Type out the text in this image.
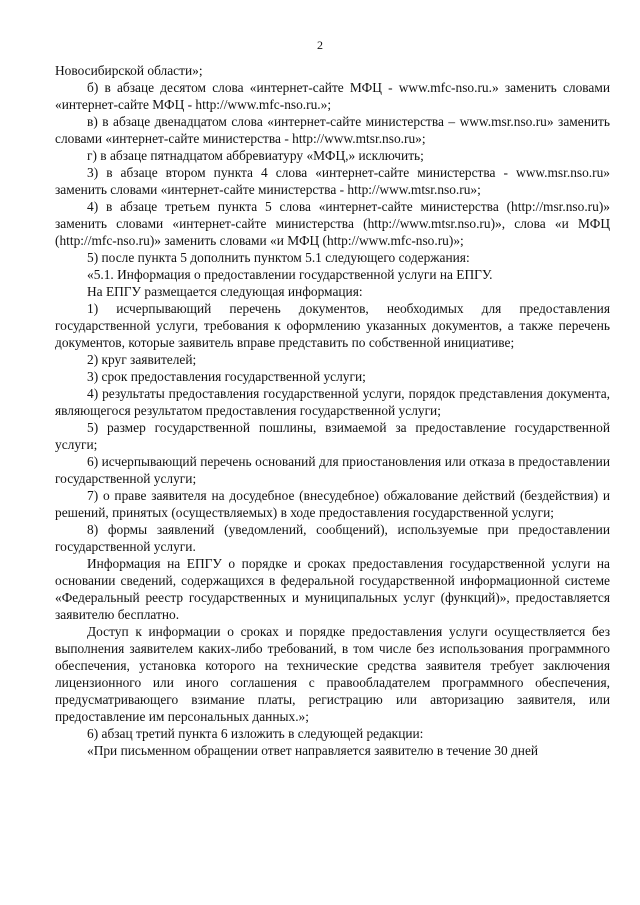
2

Новосибирской области»;

б) в абзаце десятом слова «интернет-сайте МФЦ - www.mfc-nso.ru.» заменить словами «интернет-сайте МФЦ - http://www.mfc-nso.ru.»;

в) в абзаце двенадцатом слова «интернет-сайте министерства – www.msr.nso.ru» заменить словами «интернет-сайте министерства - http://www.mtsr.nso.ru»;

г) в абзаце пятнадцатом аббревиатуру «МФЦ,» исключить;

3) в абзаце втором пункта 4 слова «интернет-сайте министерства - www.msr.nso.ru» заменить словами «интернет-сайте министерства - http://www.mtsr.nso.ru»;

4) в абзаце третьем пункта 5 слова «интернет-сайте министерства (http://msr.nso.ru)» заменить словами «интернет-сайте министерства (http://www.mtsr.nso.ru)», слова «и МФЦ (http://mfc-nso.ru)» заменить словами «и МФЦ (http://www.mfc-nso.ru)»;

5) после пункта 5 дополнить пунктом 5.1 следующего содержания:

«5.1. Информация о предоставлении государственной услуги на ЕПГУ.

На ЕПГУ размещается следующая информация:

1) исчерпывающий перечень документов, необходимых для предоставления государственной услуги, требования к оформлению указанных документов, а также перечень документов, которые заявитель вправе представить по собственной инициативе;

2) круг заявителей;

3) срок предоставления государственной услуги;

4) результаты предоставления государственной услуги, порядок представления документа, являющегося результатом предоставления государственной услуги;

5) размер государственной пошлины, взимаемой за предоставление государственной услуги;

6) исчерпывающий перечень оснований для приостановления или отказа в предоставлении государственной услуги;

7) о праве заявителя на досудебное (внесудебное) обжалование действий (бездействия) и решений, принятых (осуществляемых) в ходе предоставления государственной услуги;

8) формы заявлений (уведомлений, сообщений), используемые при предоставлении государственной услуги.

Информация на ЕПГУ о порядке и сроках предоставления государственной услуги на основании сведений, содержащихся в федеральной государственной информационной системе «Федеральный реестр государственных и муниципальных услуг (функций)», предоставляется заявителю бесплатно.

Доступ к информации о сроках и порядке предоставления услуги осуществляется без выполнения заявителем каких-либо требований, в том числе без использования программного обеспечения, установка которого на технические средства заявителя требует заключения лицензионного или иного соглашения с правообладателем программного обеспечения, предусматривающего взимание платы, регистрацию или авторизацию заявителя, или предоставление им персональных данных.»;

6) абзац третий пункта 6 изложить в следующей редакции:

«При письменном обращении ответ направляется заявителю в течение 30 дней
